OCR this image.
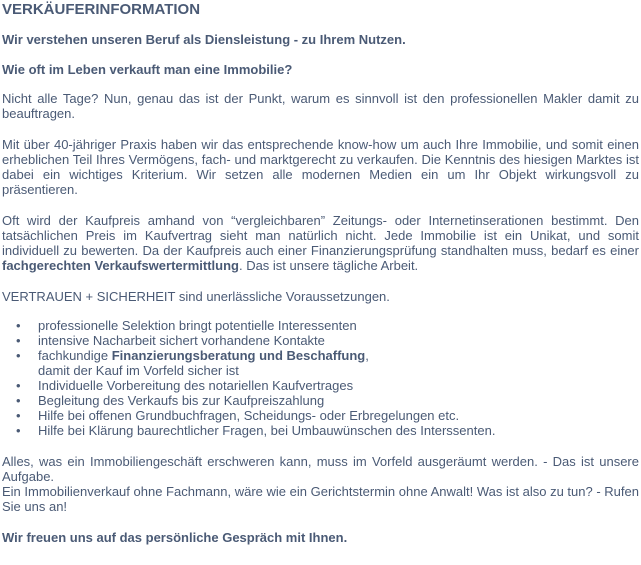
VERKÄUFERINFORMATION
Wir verstehen unseren Beruf als Diensleistung - zu Ihrem Nutzen.
Wie oft im Leben verkauft man eine Immobilie?

Nicht alle Tage? Nun, genau das ist der Punkt, warum es sinnvoll ist den professionellen Makler damit zu beauftragen.

Mit über 40-jähriger Praxis haben wir das entsprechende know-how um auch Ihre Immobilie, und somit einen erheblichen Teil Ihres Vermögens, fach- und marktgerecht zu verkaufen. Die Kenntnis des hiesigen Marktes ist dabei ein wichtiges Kriterium. Wir setzen alle modernen Medien ein um Ihr Objekt wirkungsvoll zu präsentieren.

Oft wird der Kaufpreis amhand von “vergleichbaren” Zeitungs- oder Internetinserationen bestimmt. Den tatsächlichen Preis im Kaufvertrag sieht man natürlich nicht. Jede Immobilie ist ein Unikat, und somit individuell zu bewerten. Da der Kaufpreis auch einer Finanzierungsprüfung standhalten muss, bedarf es einer fachgerechten Verkaufswertermittlung. Das ist unsere tägliche Arbeit.

VERTRAUEN + SICHERHEIT sind unerlässliche Voraussetzungen.

• professionelle Selektion bringt potentielle Interessenten
• intensive Nacharbeit sichert vorhandene Kontakte
• fachkundige Finanzierungsberatung und Beschaffung,
damit der Kauf im Vorfeld sicher ist
• Individuelle Vorbereitung des notariellen Kaufvertrages
• Begleitung des Verkaufs bis zur Kaufpreiszahlung
• Hilfe bei offenen Grundbuchfragen, Scheidungs- oder Erbregelungen etc.
• Hilfe bei Klärung baurechtlicher Fragen, bei Umbauwünschen des Interssenten.

Alles, was ein Immobiliengeschäft erschweren kann, muss im Vorfeld ausgeräumt werden. - Das ist unsere Aufgabe.

Ein Immobilienverkauf ohne Fachmann, wäre wie ein Gerichtstermin ohne Anwalt! Was ist also zu tun? - Rufen Sie uns an!

Wir freuen uns auf das persönliche Gespräch mit Ihnen.
